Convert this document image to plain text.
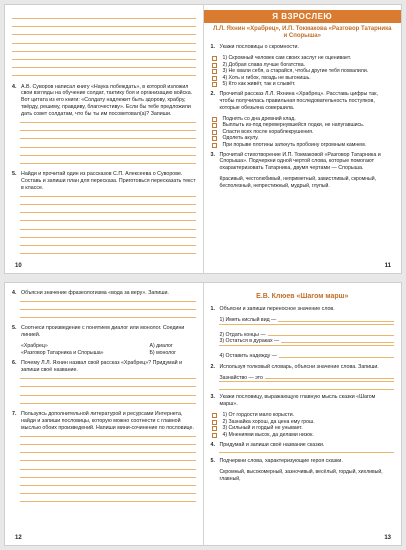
4. А.В. Суворов написал книгу «Наука побеждать», в которой изложил свои взгляды на обучение солдат, тактику боя и организацию войска. Вот цитата из его книги: «Солдату надлежит быть здорову, храбру, твёрду, решиму, правдиву, благочестиву». Если бы тебе предложили дать совет солдатам, что бы ты им посоветовал(а)? Запиши.
5. Найди и прочитай один из рассказов С.П. Алексеева о Суворове. Составь и запиши план для пересказа. Приготовься пересказать текст в классе.
10
Я ВЗРОСЛЕЮ
Л.Л. Яхнин «Храбрец», И.П. Токмакова «Разговор Татарника и Спорыша»
1. Укажи пословицы о скромности.
1) Скромный человек сам своих заслуг не оценивает.
2) Добрая слава лучше богатства.
3) Не хвали себя, а старайся, чтобы другие тебя похвалили.
4) Хоть и гибок, гвоздь не выгонишь.
5) Кто как живёт, так и слывёт.
2. Прочитай рассказ Л.Л. Яхнина «Храбрец». Расставь цифры так, чтобы получилась правильная последовательность поступков, которые обезьяна совершила.
Поднять со дна древний клад.
Выплыть из-под перевернувшейся лодки, не напугавшись.
Спасти всех после кораблекрушения.
Одолеть акулу.
При порыве плотины заткнуть пробоину огромным камнем.
3. Прочитай стихотворение И.П. Токмаковой «Разговор Татарника и Спорыша». Подчеркни одной чертой слова, которые помогают охарактеризовать Татарника, двумя чертами — Спорыша.
Красивый, честолюбивый, неприметный, завистливый, скромный, бесполезный, непрестижный, мудрый, глупый.
11
4. Объясни значение фразеологизма «вода за веру». Запиши.
5. Соотнеси произведение с понятием диалог или монолог. Соедини линией.
«Храбрец»	А) диалог
«Разговор Татарника и Спорыша»	Б) монолог
6. Почему Л.Л. Яхнин назвал свой рассказ «Храбрец»? Придумай и запиши своё название.
7. Пользуясь дополнительной литературой и ресурсами Интернета, найди и запиши пословицы, которую можно соотнести с главной мыслью обоих произведений. Напиши мини-сочинение по пословице.
12
Е.В. Клюев «Шагом марш»
1. Объясни и запиши переносное значение слов.
1) Иметь кислый вид —
2) Отдать концы —
3) Остаться в дураках —
4) Оставить надежду —
2. Используя толковый словарь, объясни значение слова. Запиши.
Зазнайство — это
3. Укажи пословицу, выражающую главную мысль сказки «Шагом марш».
1) От гордости мало корысти.
2) Зазнайка хорош, да цена ему грош.
3) Сильный и гордый не унывает.
4) Мнениями высок, да делами низок.
4. Придумай и запиши своё название сказки.
5. Подчеркни слова, характеризующие героя сказки.
Скромный, высокомерный, зазночивый, весёлый, гордый, хихливый, главный,
13
